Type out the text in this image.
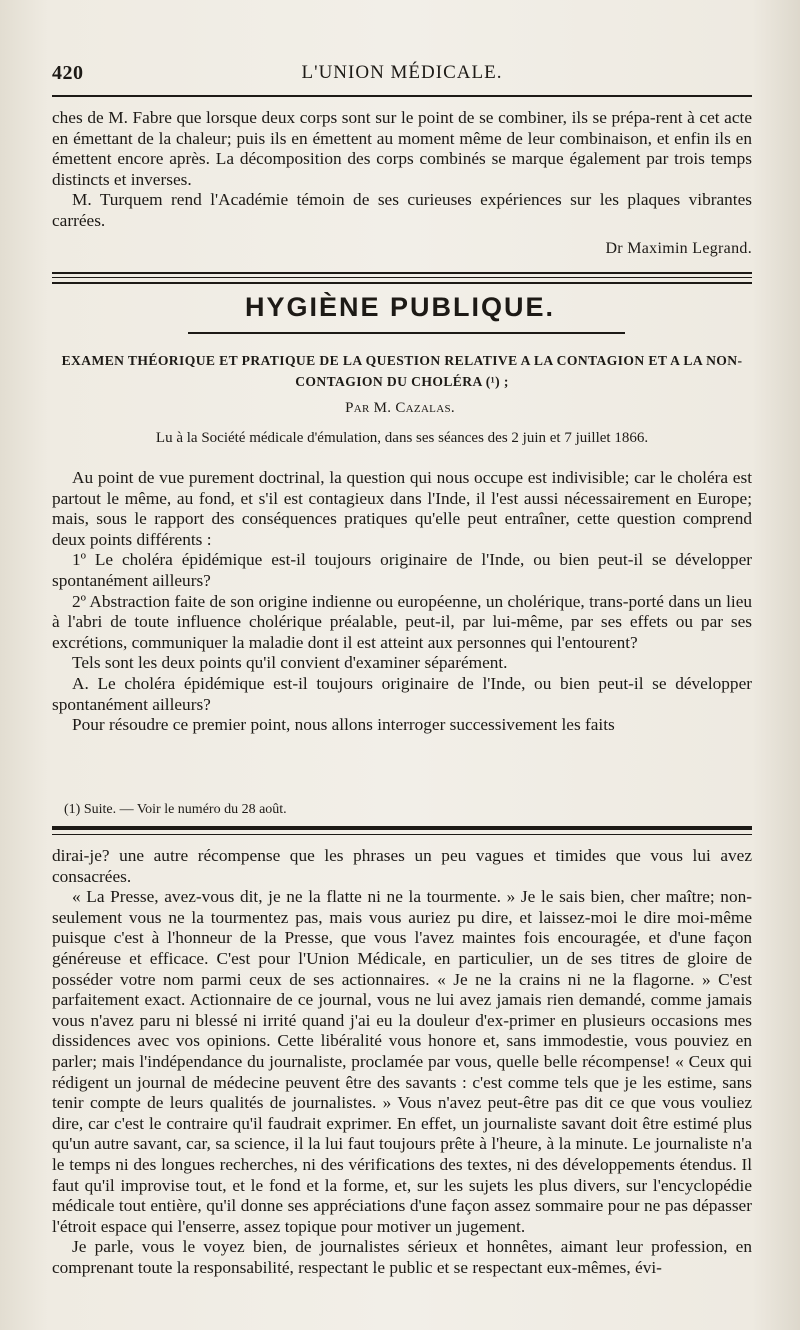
420	L'UNION MÉDICALE.

ches de M. Fabre que lorsque deux corps sont sur le point de se combiner, ils se prépa-rent à cet acte en émettant de la chaleur; puis ils en émettent au moment même de leur combinaison, et enfin ils en émettent encore après. La décomposition des corps combinés se marque également par trois temps distincts et inverses.

M. Turquem rend l'Académie témoin de ses curieuses expériences sur les plaques vibrantes carrées.

Dr Maximin Legrand.
HYGIÈNE PUBLIQUE.
EXAMEN THÉORIQUE ET PRATIQUE DE LA QUESTION RELATIVE A LA CONTAGION ET A LA NON-CONTAGION DU CHOLÉRA (¹) ;
Par M. Cazalas.
Lu à la Société médicale d'émulation, dans ses séances des 2 juin et 7 juillet 1866.

Au point de vue purement doctrinal, la question qui nous occupe est indivisible; car le choléra est partout le même, au fond, et s'il est contagieux dans l'Inde, il l'est aussi nécessairement en Europe; mais, sous le rapport des conséquences pratiques qu'elle peut entraîner, cette question comprend deux points différents :

1º Le choléra épidémique est-il toujours originaire de l'Inde, ou bien peut-il se développer spontanément ailleurs?

2º Abstraction faite de son origine indienne ou européenne, un cholérique, trans-porté dans un lieu à l'abri de toute influence cholérique préalable, peut-il, par lui-même, par ses effets ou par ses excrétions, communiquer la maladie dont il est atteint aux personnes qui l'entourent?

Tels sont les deux points qu'il convient d'examiner séparément.

A. Le choléra épidémique est-il toujours originaire de l'Inde, ou bien peut-il se développer spontanément ailleurs?

Pour résoudre ce premier point, nous allons interroger successivement les faits

(1) Suite. — Voir le numéro du 28 août.

dirai-je? une autre récompense que les phrases un peu vagues et timides que vous lui avez consacrées.

« La Presse, avez-vous dit, je ne la flatte ni ne la tourmente. » Je le sais bien, cher maître; non-seulement vous ne la tourmentez pas, mais vous auriez pu dire, et laissez-moi le dire moi-même puisque c'est à l'honneur de la Presse, que vous l'avez maintes fois encouragée, et d'une façon généreuse et efficace. C'est pour l'Union Médicale, en particulier, un de ses titres de gloire de posséder votre nom parmi ceux de ses actionnaires. « Je ne la crains ni ne la flagorne. » C'est parfaitement exact. Actionnaire de ce journal, vous ne lui avez jamais rien demandé, comme jamais vous n'avez paru ni blessé ni irrité quand j'ai eu la douleur d'ex-primer en plusieurs occasions mes dissidences avec vos opinions. Cette libéralité vous honore et, sans immodestie, vous pouviez en parler; mais l'indépendance du journaliste, proclamée par vous, quelle belle récompense! « Ceux qui rédigent un journal de médecine peuvent être des savants : c'est comme tels que je les estime, sans tenir compte de leurs qualités de journalistes. » Vous n'avez peut-être pas dit ce que vous vouliez dire, car c'est le contraire qu'il faudrait exprimer. En effet, un journaliste savant doit être estimé plus qu'un autre savant, car, sa science, il la lui faut toujours prête à l'heure, à la minute. Le journaliste n'a le temps ni des longues recherches, ni des vérifications des textes, ni des développements étendus. Il faut qu'il improvise tout, et le fond et la forme, et, sur les sujets les plus divers, sur l'encyclopédie médicale tout entière, qu'il donne ses appréciations d'une façon assez sommaire pour ne pas dépasser l'étroit espace qui l'enserre, assez topique pour motiver un jugement.

Je parle, vous le voyez bien, de journalistes sérieux et honnêtes, aimant leur profession, en comprenant toute la responsabilité, respectant le public et se respectant eux-mêmes, évi-
